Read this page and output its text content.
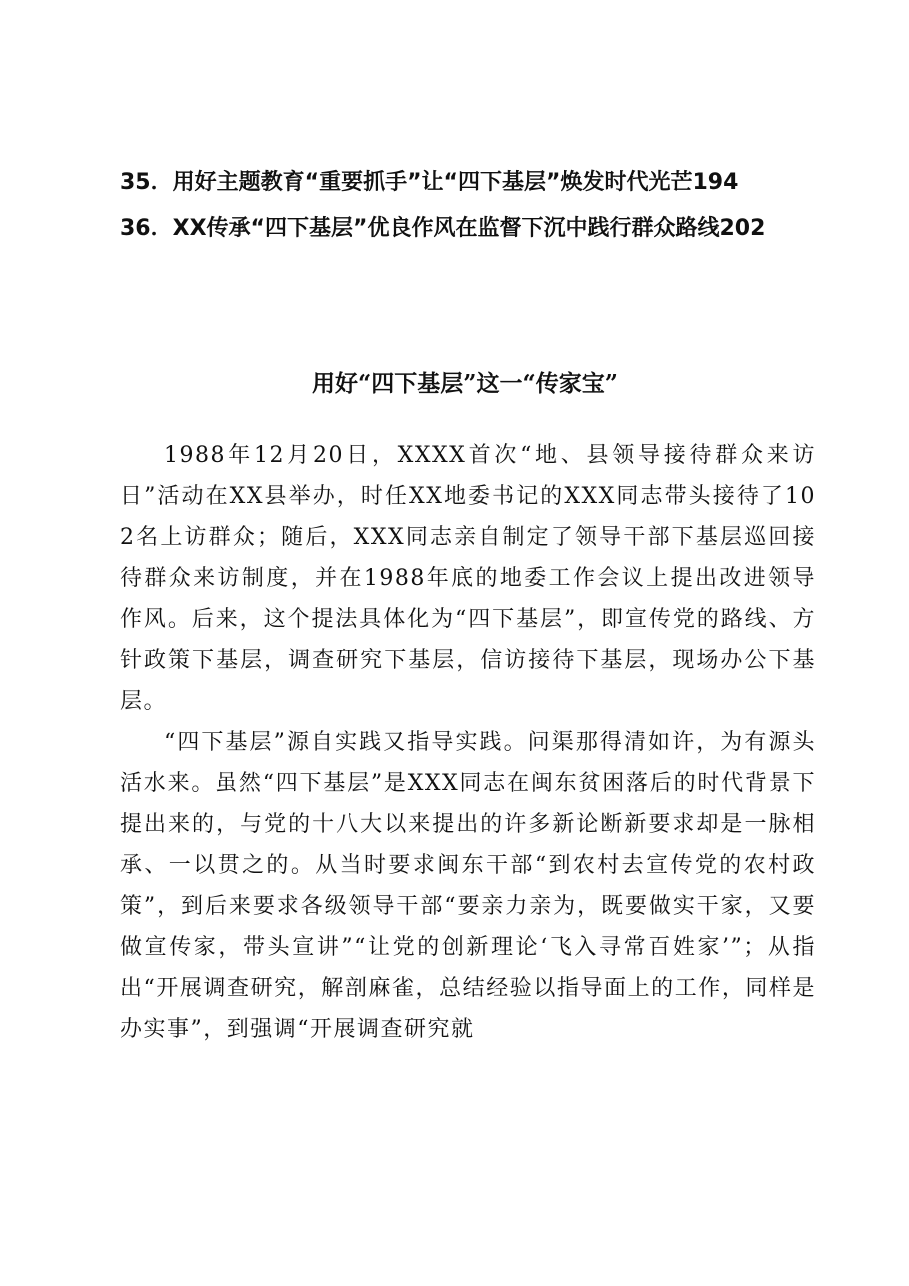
35．用好主题教育“重要抓手”让“四下基层”焕发时代光芒194
36．XX传承“四下基层”优良作风在监督下沉中践行群众路线202
用好“四下基层”这一“传家宝”

1988年12月20日，XXXX首次“地、县领导接待群众来访日”活动在XX县举办，时任XX地委书记的XXX同志带头接待了102名上访群众；随后，XXX同志亲自制定了领导干部下基层巡回接待群众来访制度，并在1988年底的地委工作会议上提出改进领导作风。后来，这个提法具体化为“四下基层”，即宣传党的路线、方针政策下基层，调查研究下基层，信访接待下基层，现场办公下基层。

“四下基层”源自实践又指导实践。问渠那得清如许，为有源头活水来。虽然“四下基层”是XXX同志在闽东贫困落后的时代背景下提出来的，与党的十八大以来提出的许多新论断新要求却是一脉相承、一以贯之的。从当时要求闽东干部“到农村去宣传党的农村政策”，到后来要求各级领导干部“要亲力亲为，既要做实干家，又要做宣传家，带头宣讲”“让党的创新理论‘飞入寻常百姓家’”；从指出“开展调查研究，解剖麻雀，总结经验以指导面上的工作，同样是办实事”，到强调“开展调查研究就
